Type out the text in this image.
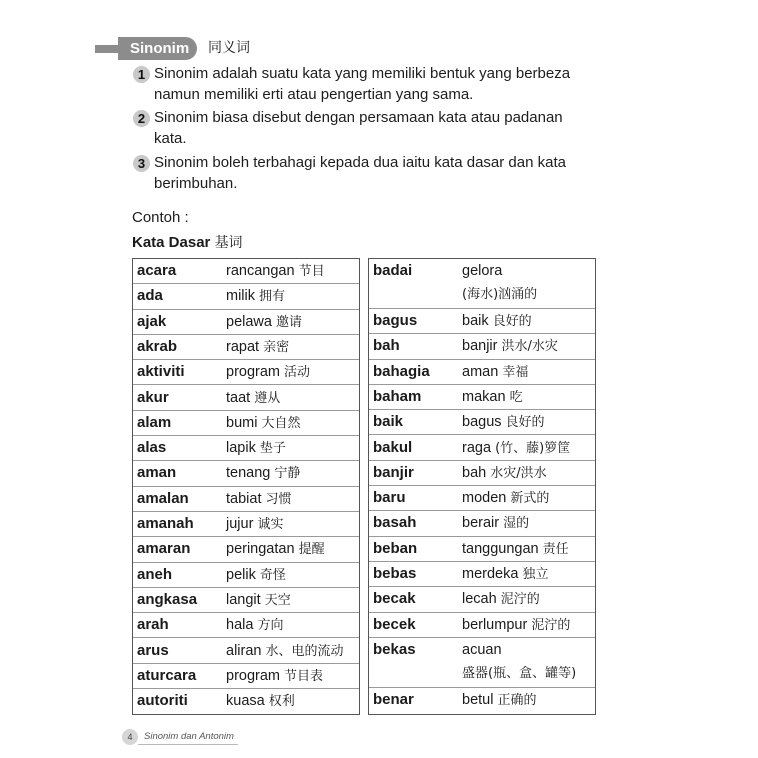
Sinonim	同义词
1 Sinonim adalah suatu kata yang memiliki bentuk yang berbeza
namun memiliki erti atau pengertian yang sama.
2 Sinonim biasa disebut dengan persamaan kata atau padanan
kata.
3 Sinonim boleh terbahagi kepada dua iaitu kata dasar dan kata
berimbuhan.
Contoh :
Kata Dasar 基词
acara	rancangan 节目
ada	milik 拥有
ajak	pelawa 邀请
akrab	rapat 亲密
aktiviti	program 活动
akur	taat 遵从
alam	bumi 大自然
alas	lapik 垫子
aman	tenang 宁静
amalan	tabiat 习惯
amanah jujur 诚实
amaran peringatan 提醒
aneh	pelik 奇怪
angkasa langit 天空
arah	hala 方向
arus	aliran 水、电的流动
aturcara program 节目表
autoriti	kuasa 权利
badai	gelora
(海水)汹涌的
bagus	baik 良好的
bah	banjir 洪水/水灾
bahagia aman 幸福
baham	makan 吃
baik	bagus 良好的
bakul	raga (竹、藤)箩筐
banjir	bah 水灾/洪水
baru	moden 新式的
basah	berair 湿的
beban	tanggungan 责任
bebas	merdeka 独立
becak	lecah 泥泞的
becek	berlumpur 泥泞的
bekas	acuan
盛器(瓶、盒、罐等)
benar	betul 正确的
4	Sinonim dan Antonim
